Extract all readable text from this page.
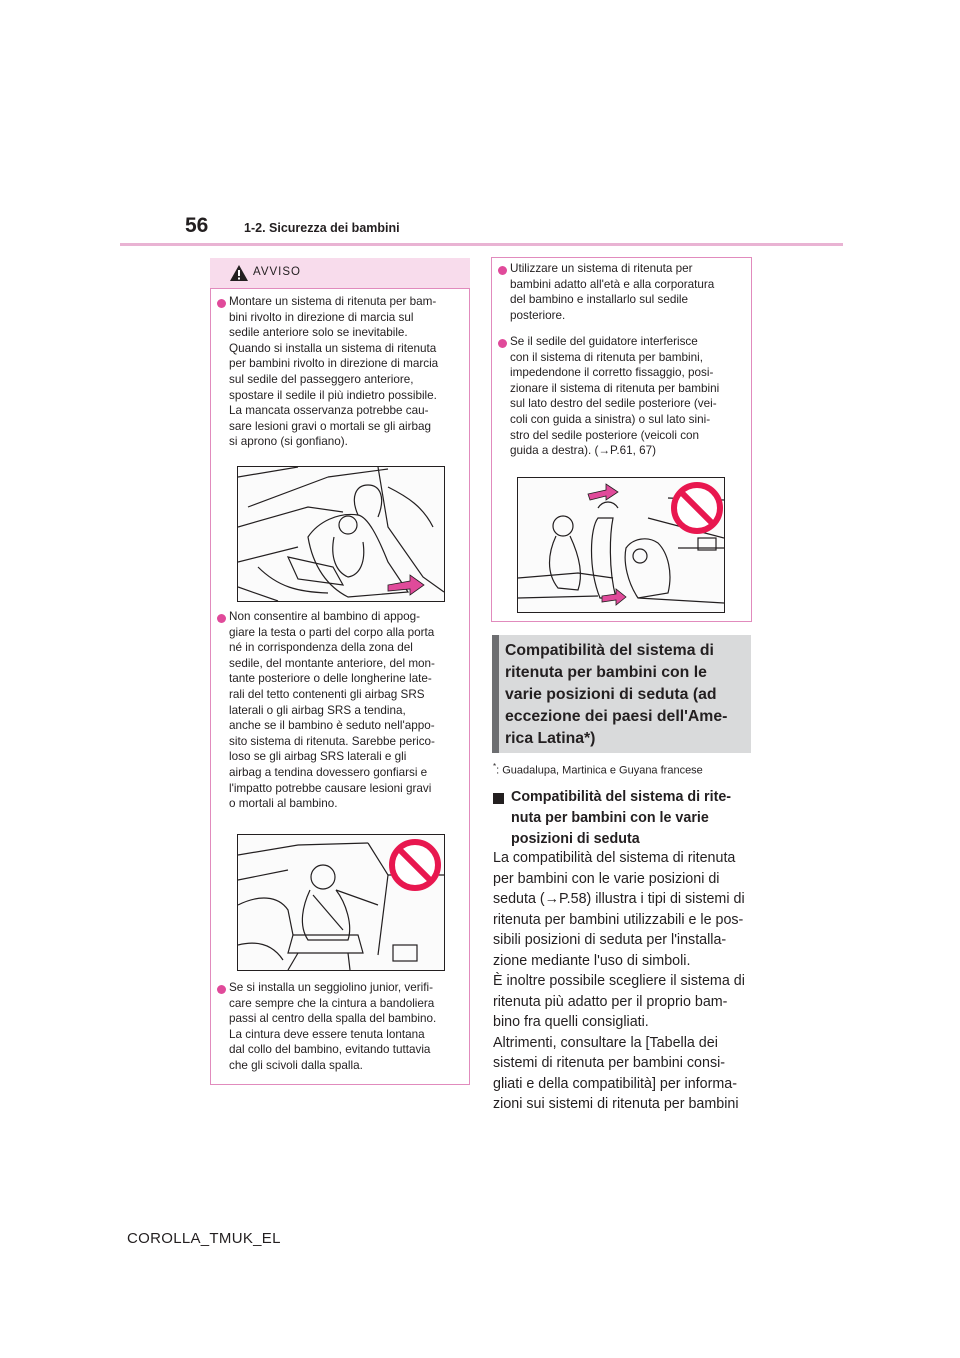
56	1-2. Sicurezza dei bambini
AVVISO
Montare un sistema di ritenuta per bam-
bini rivolto in direzione di marcia sul
sedile anteriore solo se inevitabile.
Quando si installa un sistema di ritenuta
per bambini rivolto in direzione di marcia
sul sedile del passeggero anteriore,
spostare il sedile il più indietro possibile.
La mancata osservanza potrebbe cau-
sare lesioni gravi o mortali se gli airbag
si aprono (si gonfiano).
Non consentire al bambino di appog-
giare la testa o parti del corpo alla porta
né in corrispondenza della zona del
sedile, del montante anteriore, del mon-
tante posteriore o delle longherine late-
rali del tetto contenenti gli airbag SRS
laterali o gli airbag SRS a tendina,
anche se il bambino è seduto nell'appo-
sito sistema di ritenuta. Sarebbe perico-
loso se gli airbag SRS laterali e gli
airbag a tendina dovessero gonfiarsi e
l'impatto potrebbe causare lesioni gravi
o mortali al bambino.
Se si installa un seggiolino junior, verifi-
care sempre che la cintura a bandoliera
passi al centro della spalla del bambino.
La cintura deve essere tenuta lontana
dal collo del bambino, evitando tuttavia
che gli scivoli dalla spalla.
Utilizzare un sistema di ritenuta per
bambini adatto all'età e alla corporatura
del bambino e installarlo sul sedile
posteriore.
Se il sedile del guidatore interferisce
con il sistema di ritenuta per bambini,
impedendone il corretto fissaggio, posi-
zionare il sistema di ritenuta per bambini
sul lato destro del sedile posteriore (vei-
coli con guida a sinistra) o sul lato sini-
stro del sedile posteriore (veicoli con
guida a destra). (→P.61, 67)
Compatibilità del sistema di
ritenuta per bambini con le
varie posizioni di seduta (ad
eccezione dei paesi dell'Ame-
rica Latina*)
*: Guadalupa, Martinica e Guyana francese
Compatibilità del sistema di rite-
nuta per bambini con le varie
posizioni di seduta
La compatibilità del sistema di ritenuta
per bambini con le varie posizioni di
seduta (→P.58) illustra i tipi di sistemi di
ritenuta per bambini utilizzabili e le pos-
sibili posizioni di seduta per l'installa-
zione mediante l'uso di simboli.
È inoltre possibile scegliere il sistema di
ritenuta più adatto per il proprio bam-
bino fra quelli consigliati.
Altrimenti, consultare la [Tabella dei
sistemi di ritenuta per bambini consi-
gliati e della compatibilità] per informa-
zioni sui sistemi di ritenuta per bambini
COROLLA_TMUK_EL
